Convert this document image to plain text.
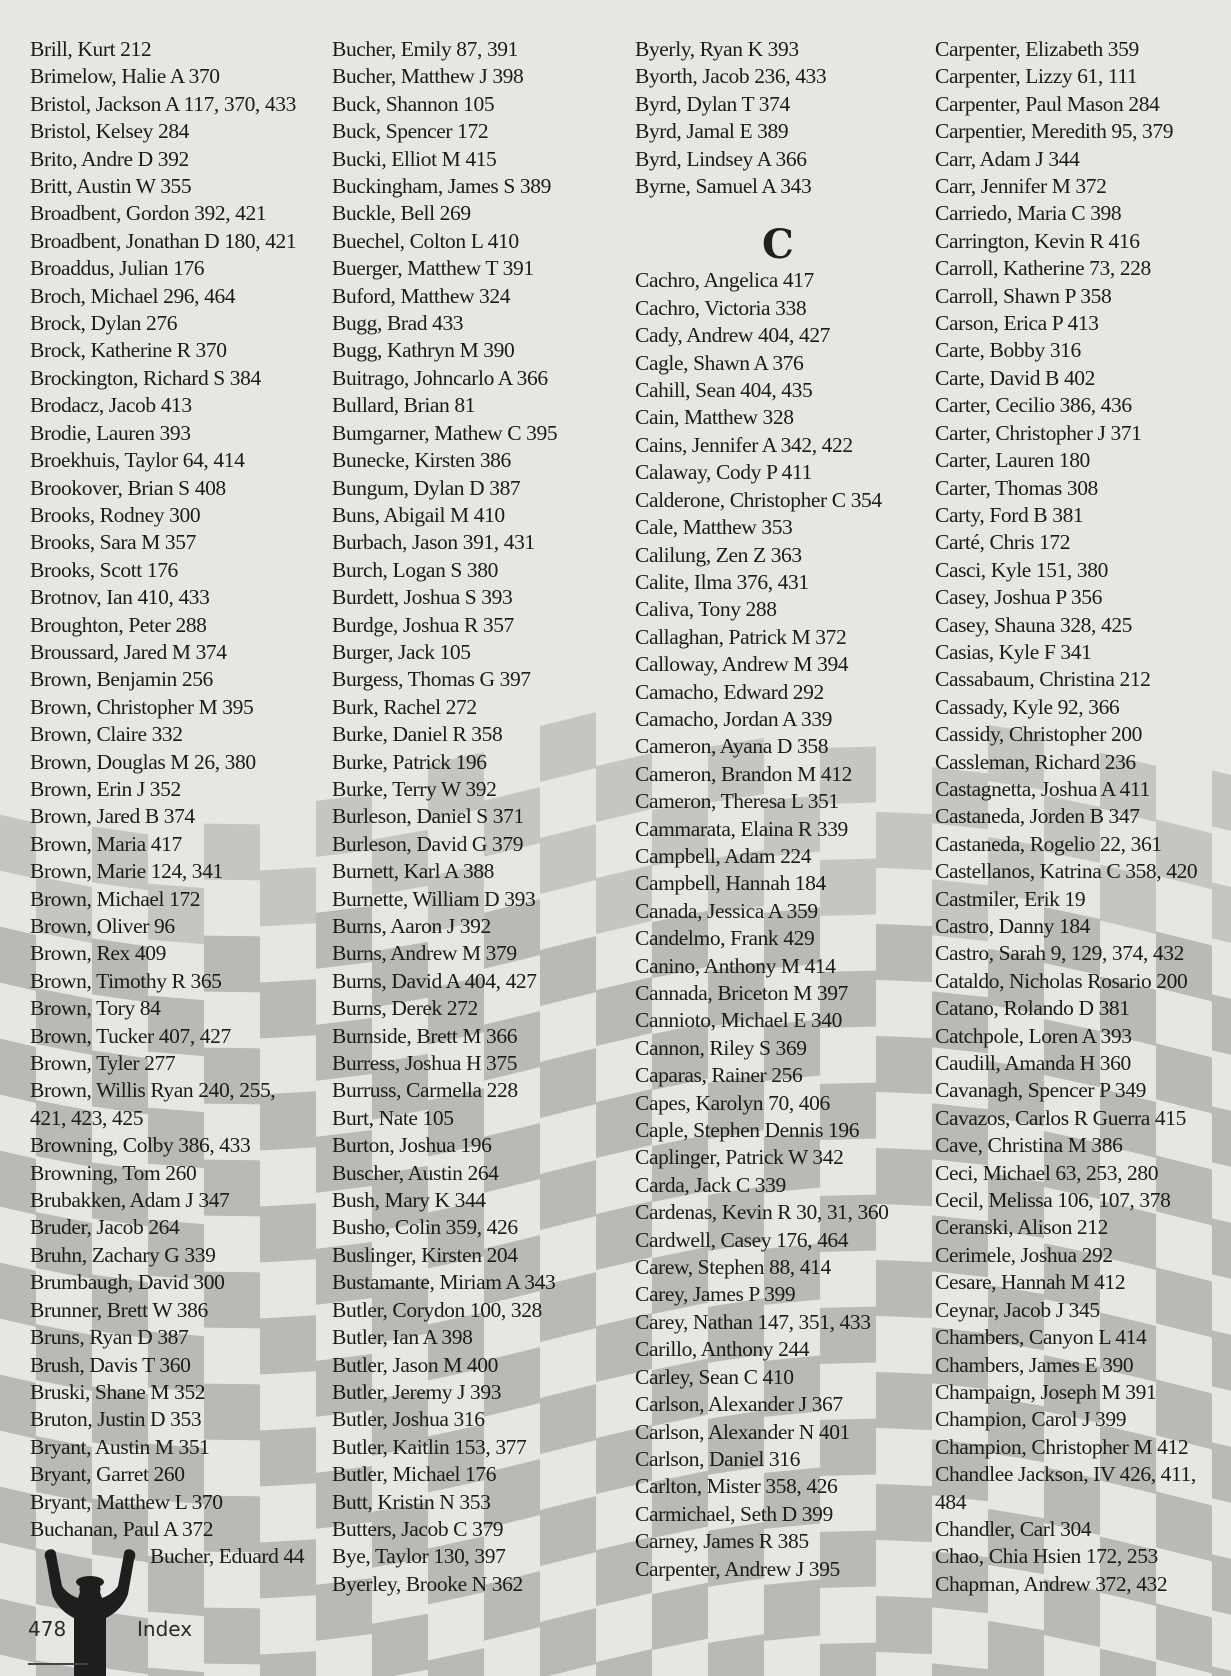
Brill, Kurt 212
Brimelow, Halie A 370
Bristol, Jackson A 117, 370, 433
Bristol, Kelsey 284
Brito, Andre D 392
Britt, Austin W 355
Broadbent, Gordon 392, 421
Broadbent, Jonathan D 180, 421
Broaddus, Julian 176
Broch, Michael 296, 464
Brock, Dylan 276
Brock, Katherine R 370
Brockington, Richard S 384
Brodacz, Jacob 413
Brodie, Lauren 393
Broekhuis, Taylor 64, 414
Brookover, Brian S 408
Brooks, Rodney 300
Brooks, Sara M 357
Brooks, Scott 176
Brotnov, Ian 410, 433
Broughton, Peter 288
Broussard, Jared M 374
Brown, Benjamin 256
Brown, Christopher M 395
Brown, Claire 332
Brown, Douglas M 26, 380
Brown, Erin J 352
Brown, Jared B 374
Brown, Maria 417
Brown, Marie 124, 341
Brown, Michael 172
Brown, Oliver 96
Brown, Rex 409
Brown, Timothy R 365
Brown, Tory 84
Brown, Tucker 407, 427
Brown, Tyler 277
Brown, Willis Ryan 240, 255,
421, 423, 425
Browning, Colby 386, 433
Browning, Tom 260
Brubakken, Adam J 347
Bruder, Jacob 264
Bruhn, Zachary G 339
Brumbaugh, David 300
Brunner, Brett W 386
Bruns, Ryan D 387
Brush, Davis T 360
Bruski, Shane M 352
Bruton, Justin D 353
Bryant, Austin M 351
Bryant, Garret 260
Bryant, Matthew L 370
Buchanan, Paul A 372
Bucher, Eduard 44
Bucher, Emily 87, 391
Bucher, Matthew J 398
Buck, Shannon 105
Buck, Spencer 172
Bucki, Elliot M 415
Buckingham, James S 389
Buckle, Bell 269
Buechel, Colton L 410
Buerger, Matthew T 391
Buford, Matthew 324
Bugg, Brad 433
Bugg, Kathryn M 390
Buitrago, Johncarlo A 366
Bullard, Brian 81
Bumgarner, Mathew C 395
Bunecke, Kirsten 386
Bungum, Dylan D 387
Buns, Abigail M 410
Burbach, Jason 391, 431
Burch, Logan S 380
Burdett, Joshua S 393
Burdge, Joshua R 357
Burger, Jack 105
Burgess, Thomas G 397
Burk, Rachel 272
Burke, Daniel R 358
Burke, Patrick 196
Burke, Terry W 392
Burleson, Daniel S 371
Burleson, David G 379
Burnett, Karl A 388
Burnette, William D 393
Burns, Aaron J 392
Burns, Andrew M 379
Burns, David A 404, 427
Burns, Derek 272
Burnside, Brett M 366
Burress, Joshua H 375
Burruss, Carmella 228
Burt, Nate 105
Burton, Joshua 196
Buscher, Austin 264
Bush, Mary K 344
Busho, Colin 359, 426
Buslinger, Kirsten 204
Bustamante, Miriam A 343
Butler, Corydon 100, 328
Butler, Ian A 398
Butler, Jason M 400
Butler, Jeremy J 393
Butler, Joshua 316
Butler, Kaitlin 153, 377
Butler, Michael 176
Butt, Kristin N 353
Butters, Jacob C 379
Bye, Taylor 130, 397
Byerley, Brooke N 362
Byerly, Ryan K 393
Byorth, Jacob 236, 433
Byrd, Dylan T 374
Byrd, Jamal E 389
Byrd, Lindsey A 366
Byrne, Samuel A 343
C
Cachro, Angelica 417
Cachro, Victoria 338
Cady, Andrew 404, 427
Cagle, Shawn A 376
Cahill, Sean 404, 435
Cain, Matthew 328
Cains, Jennifer A 342, 422
Calaway, Cody P 411
Calderone, Christopher C 354
Cale, Matthew 353
Calilung, Zen Z 363
Calite, Ilma 376, 431
Caliva, Tony 288
Callaghan, Patrick M 372
Calloway, Andrew M 394
Camacho, Edward 292
Camacho, Jordan A 339
Cameron, Ayana D 358
Cameron, Brandon M 412
Cameron, Theresa L 351
Cammarata, Elaina R 339
Campbell, Adam 224
Campbell, Hannah 184
Canada, Jessica A 359
Candelmo, Frank 429
Canino, Anthony M 414
Cannada, Briceton M 397
Cannioto, Michael E 340
Cannon, Riley S 369
Caparas, Rainer 256
Capes, Karolyn 70, 406
Caple, Stephen Dennis 196
Caplinger, Patrick W 342
Carda, Jack C 339
Cardenas, Kevin R 30, 31, 360
Cardwell, Casey 176, 464
Carew, Stephen 88, 414
Carey, James P 399
Carey, Nathan 147, 351, 433
Carillo, Anthony 244
Carley, Sean C 410
Carlson, Alexander J 367
Carlson, Alexander N 401
Carlson, Daniel 316
Carlton, Mister 358, 426
Carmichael, Seth D 399
Carney, James R 385
Carpenter, Andrew J 395
Carpenter, Elizabeth 359
Carpenter, Lizzy 61, 111
Carpenter, Paul Mason 284
Carpentier, Meredith 95, 379
Carr, Adam J 344
Carr, Jennifer M 372
Carriedo, Maria C 398
Carrington, Kevin R 416
Carroll, Katherine 73, 228
Carroll, Shawn P 358
Carson, Erica P 413
Carte, Bobby 316
Carte, David B 402
Carter, Cecilio 386, 436
Carter, Christopher J 371
Carter, Lauren 180
Carter, Thomas 308
Carty, Ford B 381
Carté, Chris 172
Casci, Kyle 151, 380
Casey, Joshua P 356
Casey, Shauna 328, 425
Casias, Kyle F 341
Cassabaum, Christina 212
Cassady, Kyle 92, 366
Cassidy, Christopher 200
Cassleman, Richard 236
Castagnetta, Joshua A 411
Castaneda, Jorden B 347
Castaneda, Rogelio 22, 361
Castellanos, Katrina C 358, 420
Castmiler, Erik 19
Castro, Danny 184
Castro, Sarah 9, 129, 374, 432
Cataldo, Nicholas Rosario 200
Catano, Rolando D 381
Catchpole, Loren A 393
Caudill, Amanda H 360
Cavanagh, Spencer P 349
Cavazos, Carlos R Guerra 415
Cave, Christina M 386
Ceci, Michael 63, 253, 280
Cecil, Melissa 106, 107, 378
Ceranski, Alison 212
Cerimele, Joshua 292
Cesare, Hannah M 412
Ceynar, Jacob J 345
Chambers, Canyon L 414
Chambers, James E 390
Champaign, Joseph M 391
Champion, Carol J 399
Champion, Christopher M 412
Chandlee Jackson, IV 426, 411,
484
Chandler, Carl 304
Chao, Chia Hsien 172, 253
Chapman, Andrew 372, 432
478	Index
